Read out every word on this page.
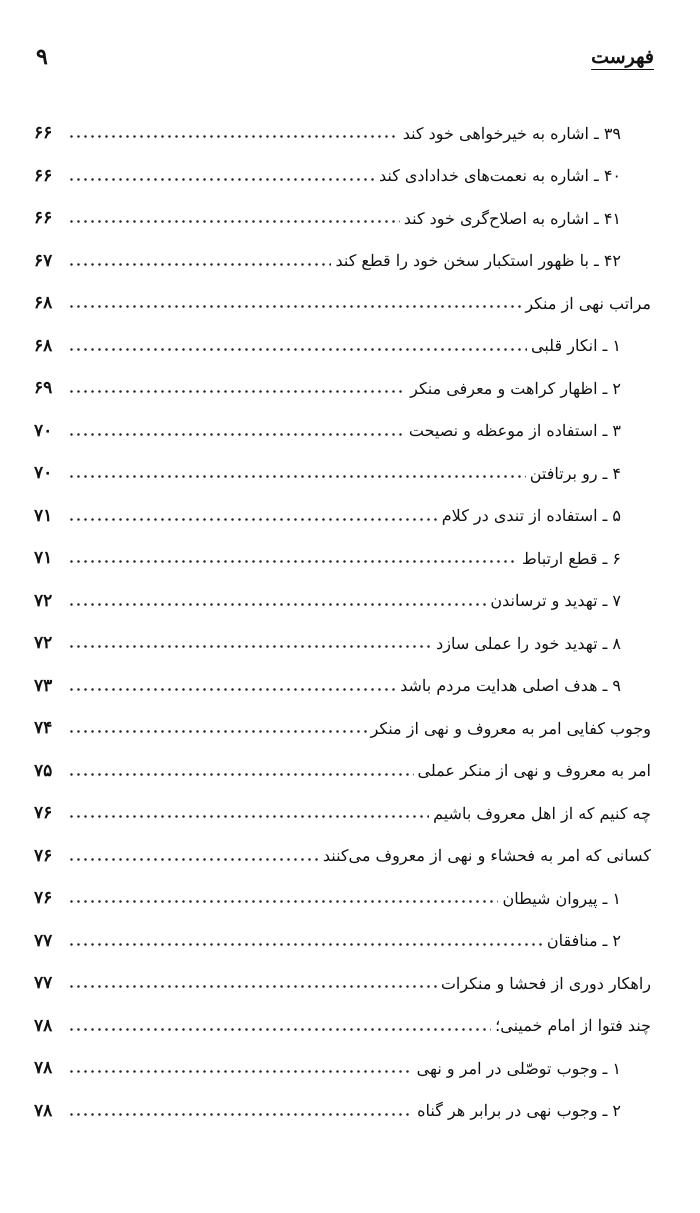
۹	فهرست
۳۹ ـ اشاره به خیرخواهی خود کند
۶۶
۴۰ ـ اشاره به نعمت‌های خدادادی کند
۶۶
۴۱ ـ اشاره به اصلاح‌گری خود کند
۶۶
۴۲ ـ با ظهور استکبار سخن خود را قطع کند
۶۷
مراتب نهی از منکر
۶۸
۱ ـ انکار قلبی
۶۸
۲ ـ اظهار کراهت و معرفی منکر
۶۹
۳ ـ استفاده از موعظه و نصیحت
۷۰
۴ ـ رو برتافتن
۷۰
۵ ـ استفاده از تندی در کلام
۷۱
۶ ـ قطع ارتباط
۷۱
۷ ـ تهدید و ترساندن
۷۲
۸ ـ تهدید خود را عملی سازد
۷۲
۹ ـ هدف اصلی هدایت مردم باشد
۷۳
وجوب کفایی امر به معروف و نهی از منکر
۷۴
امر به معروف و نهی از منکر عملی
۷۵
چه کنیم که از اهل معروف باشیم
۷۶
کسانی که امر به فحشاء و نهی از معروف می‌کنند
۷۶
۱ ـ پیروان شیطان
۷۶
۲ ـ منافقان
۷۷
راهکار دوری از فحشا و منکرات
۷۷
چند فتوا از امام خمینی؛
۷۸
۱ ـ وجوب توصّلی در امر و نهی
۷۸
۲ ـ وجوب نهی در برابر هر گناه
۷۸
